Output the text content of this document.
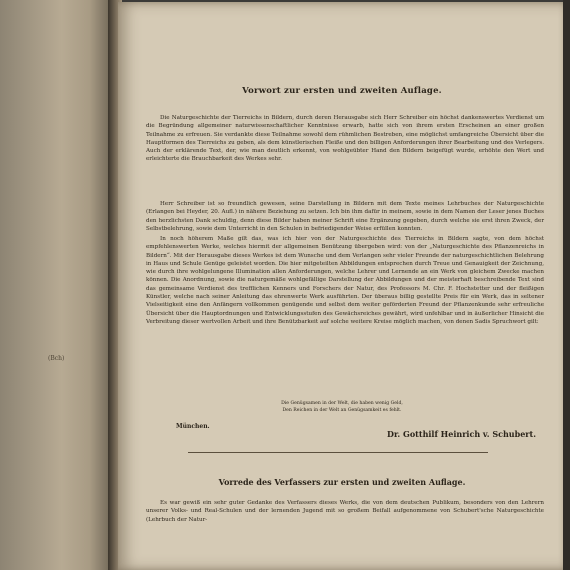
(Bch)
Vorwort zur ersten und zweiten Auflage.
Die Naturgeschichte der Tierreichs in Bildern, durch deren Herausgabe sich Herr Schreiber ein höchst dankenswertes Verdienst um die Begründung allgemeiner naturwissenschaftlicher Kenntnisse erwarb, hatte sich von ihrem ersten Erscheinen an einer großen Teilnahme zu erfreuen. Sie verdankte diese Teilnahme sowohl dem rühmlichen Bestreben, eine möglichst umfangreiche Übersicht über die Hauptformen des Tierreichs zu geben, als dem künstlerischen Fleiße und den billigen Anforderungen ihrer Bearbeitung und des Verlegers. Auch der erklärende Text, der, wie man deutlich erkennt, von wohlgeübter Hand den Bildern beigefügt wurde, erhöhte den Wert und erleichterte die Brauchbarkeit des Werkes sehr.
Herr Schreiber ist so freundlich gewesen, seine Darstellung in Bildern mit dem Texte meines Lehrbuches der Naturgeschichte (Erlangen bei Heyder, 20. Aufl.) in nähere Beziehung zu setzen. Ich bin ihm dafür in meinem, sowie in dem Namen der Leser jenes Buches den herzlichsten Dank schuldig, denn diese Bilder haben meiner Schrift eine Ergänzung gegeben, durch welche sie erst ihren Zweck, der Selbstbelehrung, sowie dem Unterricht in den Schulen in befriedigender Weise erfüllen konnten.
In noch höherem Maße gilt das, was ich hier von der Naturgeschichte des Tierreichs in Bildern sagte, von dem höchst empfehlenswerten Werke, welches hiermit der allgemeinen Benützung übergeben wird: von der „Naturgeschichte des Pflanzenreichs in Bildern“. Mit der Herausgabe dieses Werkes ist dem Wunsche und dem Verlangen sehr vieler Freunde der naturgeschichtlichen Belehrung in Haus und Schule Genüge geleistet worden. Die hier mitgeteilten Abbildungen entsprechen durch Treue und Genauigkeit der Zeichnung, wie durch ihre wohlgelungene Illumination allen Anforderungen, welche Lehrer und Lernende an ein Werk von gleichem Zwecke machen können. Die Anordnung, sowie die naturgemäße wohlgefällige Darstellung der Abbildungen und der meisterhaft beschreibende Text sind das gemeinsame Verdienst des trefflichen Kenners und Forschers der Natur, des Professors M. Chr. F. Hochstetter und der fleißigen Künstler, welche nach seiner Anleitung das ehrenwerte Werk ausführten. Der überaus billig gestellte Preis für ein Werk, das in seltener Vielseitigkeit eine den Anfängern vollkommen genügende und selbst dem weiter geförderten Freund der Pflanzenkunde sehr erfreuliche Übersicht über die Hauptordnungen und Entwicklungsstufen des Gewächsreiches gewährt, wird unfehlbar und in äußerlicher Hinsicht die Verbreitung dieser wertvollen Arbeit und ihre Benützbarkeit auf solche weitere Kreise möglich machen, von denen Sadis Spruchwort gilt:
Die Genügsamen in der Welt, die haben wenig Geld,
Den Reichen in der Welt an Genügsamkeit es fehlt.
München.
Dr. Gotthilf Heinrich v. Schubert.
Vorrede des Verfassers zur ersten und zweiten Auflage.
Es war gewiß ein sehr guter Gedanke des Verfassers dieses Werks, die von dem deutschen Publikum, besonders von den Lehrern unserer Volks- und Real-Schulen und der lernenden Jugend mit so großem Beifall aufgenommene von Schubert'sche Naturgeschichte (Lehrbuch der Natur-
